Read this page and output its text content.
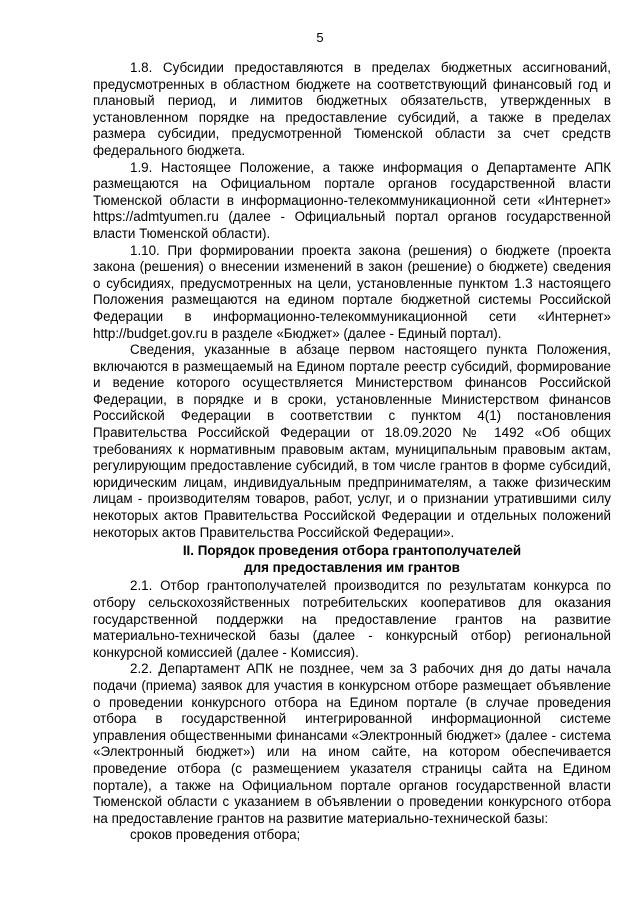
5

1.8. Субсидии предоставляются в пределах бюджетных ассигнований, предусмотренных в областном бюджете на соответствующий финансовый год и плановый период, и лимитов бюджетных обязательств, утвержденных в установленном порядке на предоставление субсидий, а также в пределах размера субсидии, предусмотренной Тюменской области за счет средств федерального бюджета.

1.9. Настоящее Положение, а также информация о Департаменте АПК размещаются на Официальном портале органов государственной власти Тюменской области в информационно-телекоммуникационной сети «Интернет» https://admtyumen.ru (далее - Официальный портал органов государственной власти Тюменской области).

1.10. При формировании проекта закона (решения) о бюджете (проекта закона (решения) о внесении изменений в закон (решение) о бюджете) сведения о субсидиях, предусмотренных на цели, установленные пунктом 1.3 настоящего Положения размещаются на едином портале бюджетной системы Российской Федерации в информационно-телекоммуникационной сети «Интернет» http://budget.gov.ru в разделе «Бюджет» (далее - Единый портал).

Сведения, указанные в абзаце первом настоящего пункта Положения, включаются в размещаемый на Едином портале реестр субсидий, формирование и ведение которого осуществляется Министерством финансов Российской Федерации, в порядке и в сроки, установленные Министерством финансов Российской Федерации в соответствии с пунктом 4(1) постановления Правительства Российской Федерации от 18.09.2020 № 1492 «Об общих требованиях к нормативным правовым актам, муниципальным правовым актам, регулирующим предоставление субсидий, в том числе грантов в форме субсидий, юридическим лицам, индивидуальным предпринимателям, а также физическим лицам - производителям товаров, работ, услуг, и о признании утратившими силу некоторых актов Правительства Российской Федерации и отдельных положений некоторых актов Правительства Российской Федерации».

II. Порядок проведения отбора грантополучателей
для предоставления им грантов

2.1. Отбор грантополучателей производится по результатам конкурса по отбору сельскохозяйственных потребительских кооперативов для оказания государственной поддержки на предоставление грантов на развитие материально-технической базы (далее - конкурсный отбор) региональной конкурсной комиссией (далее - Комиссия).

2.2. Департамент АПК не позднее, чем за 3 рабочих дня до даты начала подачи (приема) заявок для участия в конкурсном отборе размещает объявление о проведении конкурсного отбора на Едином портале (в случае проведения отбора в государственной интегрированной информационной системе управления общественными финансами «Электронный бюджет» (далее - система «Электронный бюджет») или на ином сайте, на котором обеспечивается проведение отбора (с размещением указателя страницы сайта на Едином портале), а также на Официальном портале органов государственной власти Тюменской области с указанием в объявлении о проведении конкурсного отбора на предоставление грантов на развитие материально-технической базы:

сроков проведения отбора;
